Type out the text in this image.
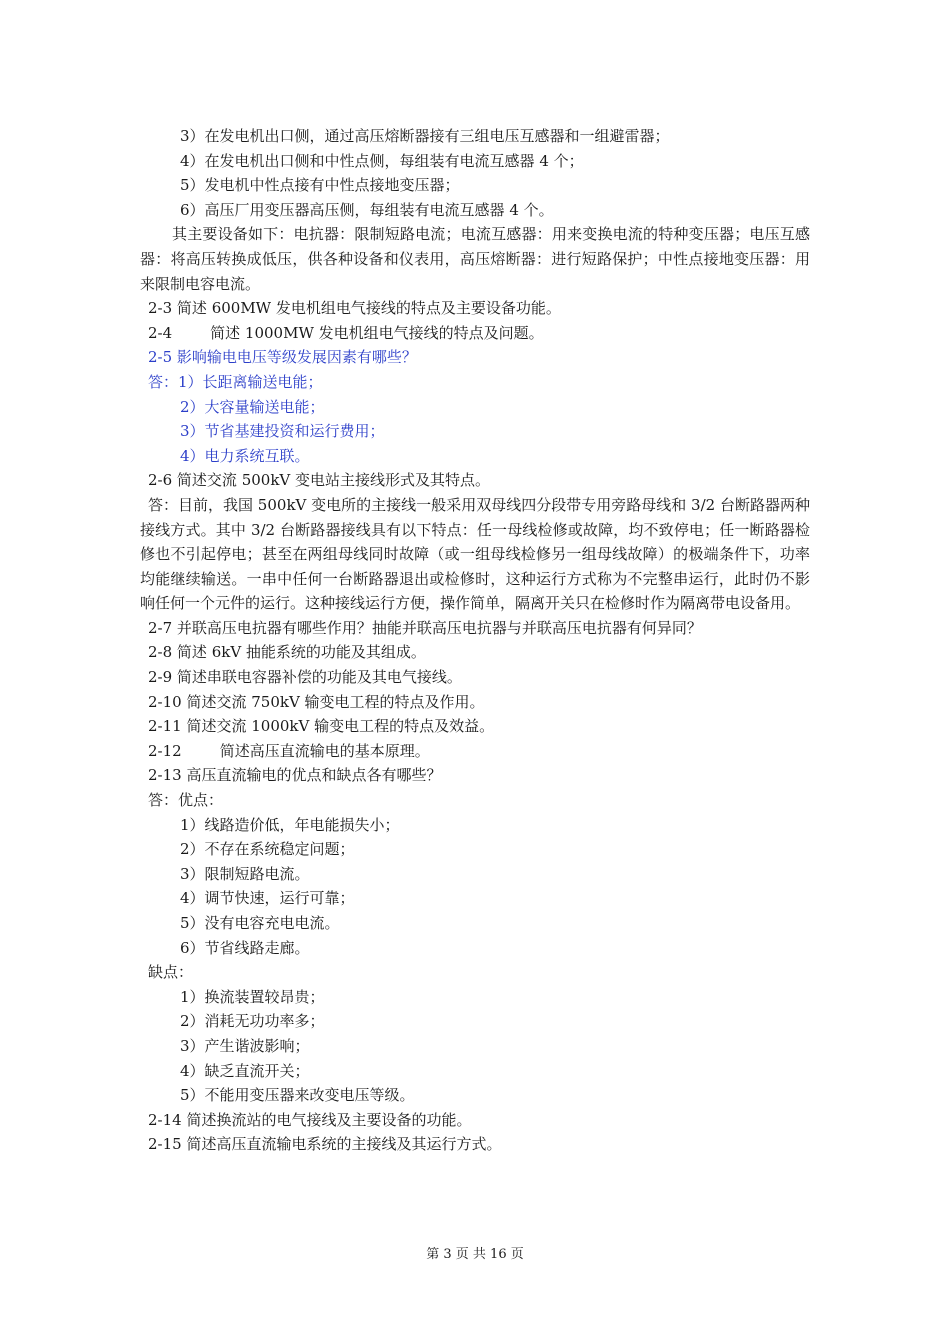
3）在发电机出口侧，通过高压熔断器接有三组电压互感器和一组避雷器；
4）在发电机出口侧和中性点侧，每组装有电流互感器 4 个；
5）发电机中性点接有中性点接地变压器；
6）高压厂用变压器高压侧，每组装有电流互感器 4 个。
其主要设备如下：电抗器：限制短路电流；电流互感器：用来变换电流的特种变压器；电压互感器：将高压转换成低压，供各种设备和仪表用，高压熔断器：进行短路保护；中性点接地变压器：用来限制电容电流。
2-3 简述 600MW 发电机组电气接线的特点及主要设备功能。
2-4	简述 1000MW 发电机组电气接线的特点及问题。
2-5 影响输电电压等级发展因素有哪些？
答：1）长距离输送电能；
2）大容量输送电能；
3）节省基建投资和运行费用；
4）电力系统互联。
2-6 简述交流 500kV 变电站主接线形式及其特点。
答：目前，我国 500kV 变电所的主接线一般采用双母线四分段带专用旁路母线和 3/2 台断路器两种接线方式。其中 3/2 台断路器接线具有以下特点：任一母线检修或故障，均不致停电；任一断路器检修也不引起停电；甚至在两组母线同时故障（或一组母线检修另一组母线故障）的极端条件下，功率均能继续输送。一串中任何一台断路器退出或检修时，这种运行方式称为不完整串运行，此时仍不影响任何一个元件的运行。这种接线运行方便，操作简单，隔离开关只在检修时作为隔离带电设备用。
2-7 并联高压电抗器有哪些作用？抽能并联高压电抗器与并联高压电抗器有何异同？
2-8 简述 6kV 抽能系统的功能及其组成。
2-9 简述串联电容器补偿的功能及其电气接线。
2-10 简述交流 750kV 输变电工程的特点及作用。
2-11 简述交流 1000kV 输变电工程的特点及效益。
2-12	简述高压直流输电的基本原理。
2-13 高压直流输电的优点和缺点各有哪些？
答：优点：
1）线路造价低，年电能损失小；
2）不存在系统稳定问题；
3）限制短路电流。
4）调节快速，运行可靠；
5）没有电容充电电流。
6）节省线路走廊。
缺点：
1）换流装置较昂贵；
2）消耗无功功率多；
3）产生谐波影响；
4）缺乏直流开关；
5）不能用变压器来改变电压等级。
2-14 简述换流站的电气接线及主要设备的功能。
2-15 简述高压直流输电系统的主接线及其运行方式。
第 3 页 共 16 页
